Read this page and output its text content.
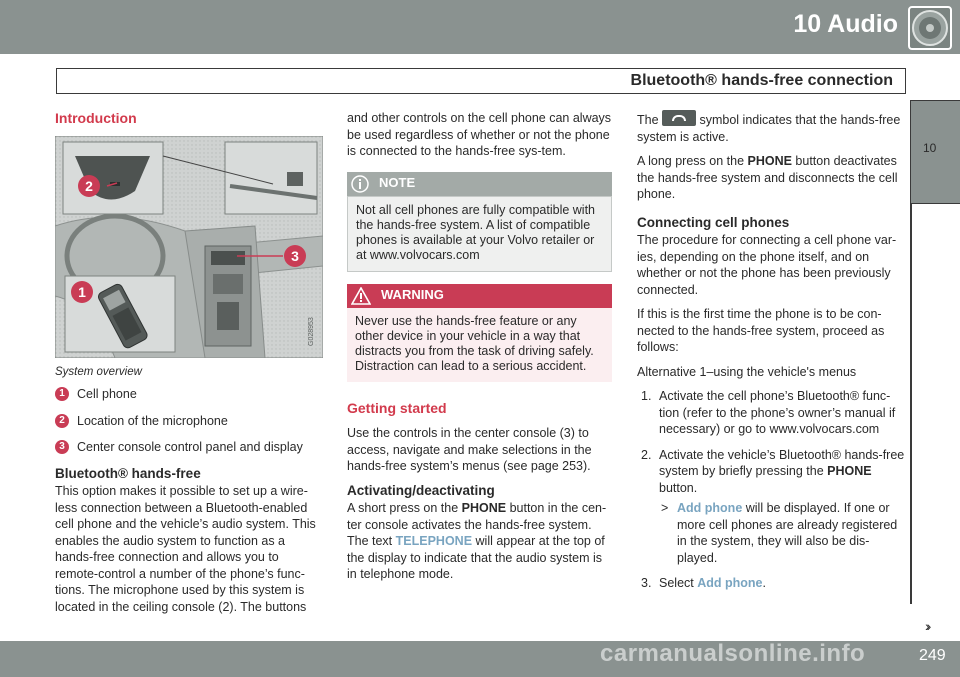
10 Audio
Bluetooth® hands-free connection
10
Introduction
2
3
1
G028953
System overview
1 Cell phone
2 Location of the microphone
3 Center console control panel and display
Bluetooth® hands-free

This option makes it possible to set up a wire-less connection between a Bluetooth-enabled cell phone and the vehicle’s audio system. This enables the audio system to function as a hands-free connection and allows you to remote-control a number of the phone’s func-tions. The microphone used by this system is located in the ceiling console (2). The buttons

and other controls on the cell phone can always be used regardless of whether or not the phone is connected to the hands-free sys-tem.

NOTE
Not all cell phones are fully compatible with the hands-free system. A list of compatible phones is available at your Volvo retailer or at www.volvocars.com
WARNING
Never use the hands-free feature or any other device in your vehicle in a way that distracts you from the task of driving safely. Distraction can lead to a serious accident.
Getting started

Use the controls in the center console (3) to access, navigate and make selections in the hands-free system’s menus (see page 253).

Activating/deactivating

A short press on the PHONE button in the cen-ter console activates the hands-free system. The text TELEPHONE will appear at the top of the display to indicate that the audio system is in telephone mode.

The	symbol indicates that the hands-free system is active.

A long press on the PHONE button deactivates the hands-free system and disconnects the cell phone.

Connecting cell phones

The procedure for connecting a cell phone var-ies, depending on the phone itself, and on whether or not the phone has been previously connected.

If this is the first time the phone is to be con-nected to the hands-free system, proceed as follows:

Alternative 1–using the vehicle's menus

1. Activate the cell phone’s Bluetooth® func-tion (refer to the phone’s owner’s manual if necessary) or go to www.volvocars.com
2. Activate the vehicle’s Bluetooth® hands-free system by briefly pressing the PHONE button.
> Add phone will be displayed. If one or more cell phones are already registered in the system, they will also be dis-played.
3. Select Add phone.
››
249
carmanualsonline.info
